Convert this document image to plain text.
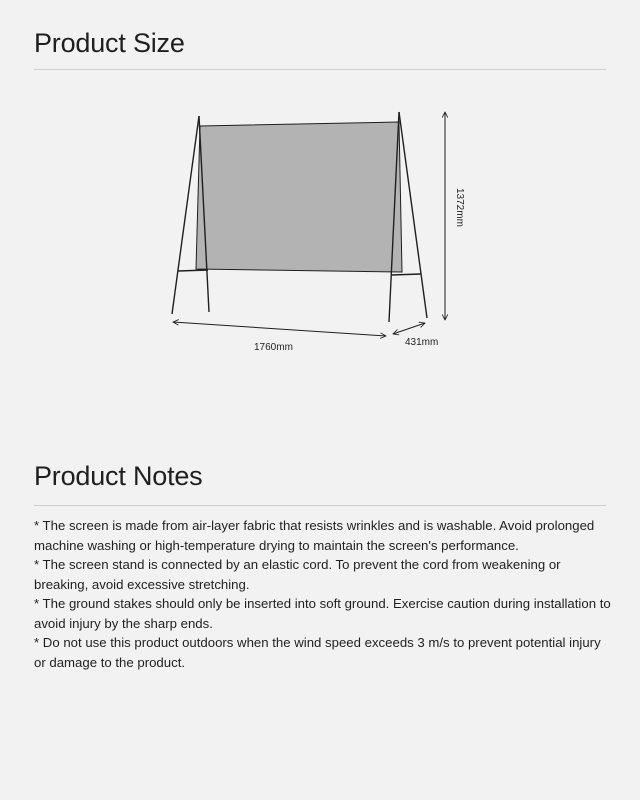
Product Size
1760mm	431mm
1372mm
Product Notes

* The screen is made from air-layer fabric that resists wrinkles and is washable. Avoid prolonged machine washing or high-temperature drying to maintain the screen's performance.

* The screen stand is connected by an elastic cord. To prevent the cord from weakening or breaking, avoid excessive stretching.

* The ground stakes should only be inserted into soft ground. Exercise caution during installation to avoid injury by the sharp ends.

* Do not use this product outdoors when the wind speed exceeds 3 m/s to prevent potential injury or damage to the product.
